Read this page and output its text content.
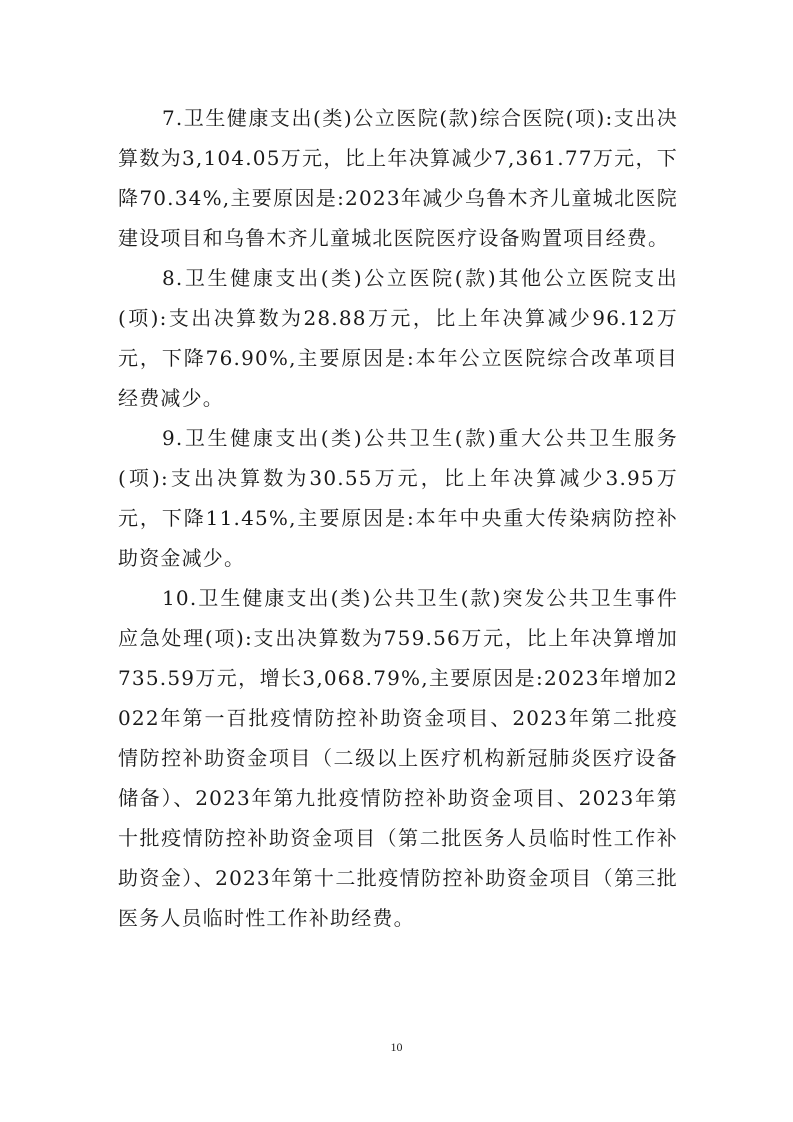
7.卫生健康支出(类)公立医院(款)综合医院(项):支出决算数为3,104.05万元，比上年决算减少7,361.77万元，下降70.34%,主要原因是:2023年减少乌鲁木齐儿童城北医院建设项目和乌鲁木齐儿童城北医院医疗设备购置项目经费。

8.卫生健康支出(类)公立医院(款)其他公立医院支出(项):支出决算数为28.88万元，比上年决算减少96.12万元，下降76.90%,主要原因是:本年公立医院综合改革项目经费减少。

9.卫生健康支出(类)公共卫生(款)重大公共卫生服务(项):支出决算数为30.55万元，比上年决算减少3.95万元，下降11.45%,主要原因是:本年中央重大传染病防控补助资金减少。

10.卫生健康支出(类)公共卫生(款)突发公共卫生事件应急处理(项):支出决算数为759.56万元，比上年决算增加735.59万元，增长3,068.79%,主要原因是:2023年增加2022年第一百批疫情防控补助资金项目、2023年第二批疫情防控补助资金项目（二级以上医疗机构新冠肺炎医疗设备储备）、2023年第九批疫情防控补助资金项目、2023年第十批疫情防控补助资金项目（第二批医务人员临时性工作补助资金）、2023年第十二批疫情防控补助资金项目（第三批医务人员临时性工作补助经费。

10
